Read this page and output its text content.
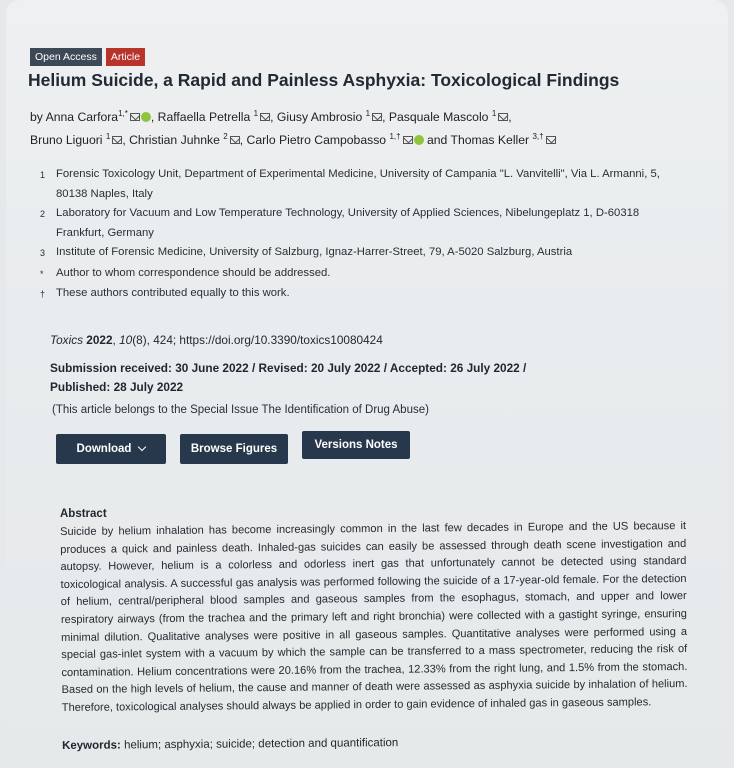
Open Access	Article
Helium Suicide, a Rapid and Painless Asphyxia: Toxicological Findings
by Anna Carfora$^{1,*}$ , Raffaella Petrella $^1$ , Giusy Ambrosio $^1$ , Pasquale Mascolo $^1$ ,
Bruno Liguori $^1$ , Christian Juhnke $^2$ , Carlo Pietro Campobasso $^{1,\dagger}$ and Thomas Keller $^{3,\dagger}$
1 Forensic Toxicology Unit, Department of Experimental Medicine, University of Campania "L. Vanvitelli", Via L. Armanni, 5, 80138 Naples, Italy
2 Laboratory for Vacuum and Low Temperature Technology, University of Applied Sciences, Nibelungeplatz 1, D-60318 Frankfurt, Germany
3 Institute of Forensic Medicine, University of Salzburg, Ignaz-Harrer-Street, 79, A-5020 Salzburg, Austria
*	Author to whom correspondence should be addressed.
† These authors contributed equally to this work.
Toxics 2022, 10(8), 424; https://doi.org/10.3390/toxics10080424
Submission received: 30 June 2022 / Revised: 20 July 2022 / Accepted: 26 July 2022 /
Published: 28 July 2022
(This article belongs to the Special Issue The Identification of Drug Abuse)
Download	Browse Figures	Versions Notes
Abstract

Suicide by helium inhalation has become increasingly common in the last few decades in Europe and the US because it produces a quick and painless death. Inhaled-gas suicides can easily be assessed through death scene investigation and autopsy. However, helium is a colorless and odorless inert gas that unfortunately cannot be detected using standard toxicological analysis. A successful gas analysis was performed following the suicide of a 17-year-old female. For the detection of helium, central/peripheral blood samples and gaseous samples from the esophagus, stomach, and upper and lower respiratory airways (from the trachea and the primary left and right bronchia) were collected with a gastight syringe, ensuring minimal dilution. Qualitative analyses were positive in all gaseous samples. Quantitative analyses were performed using a special gas-inlet system with a vacuum by which the sample can be transferred to a mass spectrometer, reducing the risk of contamination. Helium concentrations were 20.16% from the trachea, 12.33% from the right lung, and 1.5% from the stomach. Based on the high levels of helium, the cause and manner of death were assessed as asphyxia suicide by inhalation of helium. Therefore, toxicological analyses should always be applied in order to gain evidence of inhaled gas in gaseous samples.

Keywords: helium; asphyxia; suicide; detection and quantification
